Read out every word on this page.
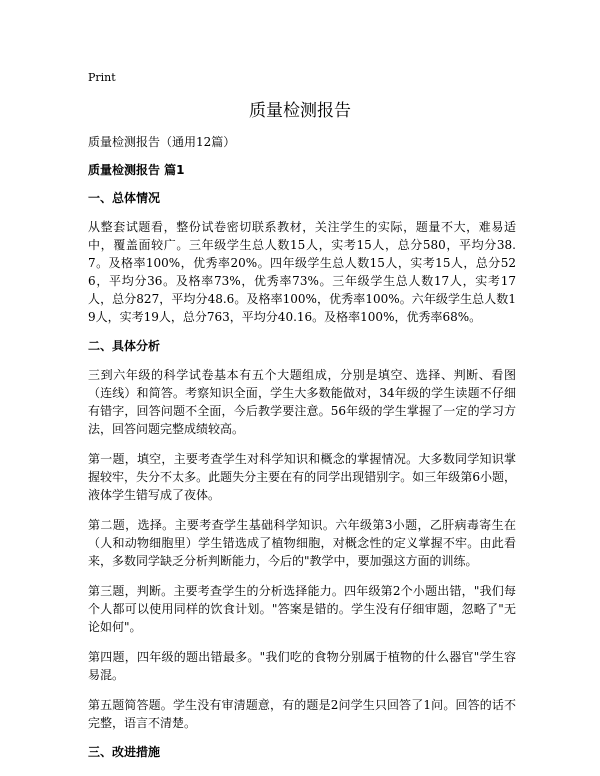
Print
质量检测报告
质量检测报告（通用12篇）
质量检测报告 篇1
一、总体情况
从整套试题看，整份试卷密切联系教材，关注学生的实际，题量不大，难易适中，覆盖面较广。三年级学生总人数15人，实考15人，总分580，平均分38.7。及格率100%，优秀率20%。四年级学生总人数15人，实考15人，总分526，平均分36。及格率73%，优秀率73%。三年级学生总人数17人，实考17人，总分827，平均分48.6。及格率100%，优秀率100%。六年级学生总人数19人，实考19人，总分763，平均分40.16。及格率100%，优秀率68%。
二、具体分析
三到六年级的科学试卷基本有五个大题组成，分别是填空、选择、判断、看图（连线）和简答。考察知识全面，学生大多数能做对，34年级的学生读题不仔细有错字，回答问题不全面，今后教学要注意。56年级的学生掌握了一定的学习方法，回答问题完整成绩较高。
第一题，填空，主要考查学生对科学知识和概念的掌握情况。大多数同学知识掌握较牢，失分不太多。此题失分主要在有的同学出现错别字。如三年级第6小题，液体学生错写成了夜体。
第二题，选择。主要考查学生基础科学知识。六年级第3小题，乙肝病毒寄生在（人和动物细胞里）学生错选成了植物细胞，对概念性的定义掌握不牢。由此看来，多数同学缺乏分析判断能力，今后的"教学中，要加强这方面的训练。
第三题，判断。主要考查学生的分析选择能力。四年级第2个小题出错，"我们每个人都可以使用同样的饮食计划。"答案是错的。学生没有仔细审题，忽略了"无论如何"。
第四题，四年级的题出错最多。"我们吃的食物分别属于植物的什么器官"学生容易混。
第五题简答题。学生没有审清题意，有的题是2问学生只回答了1问。回答的话不完整，语言不清楚。
三、改进措施
